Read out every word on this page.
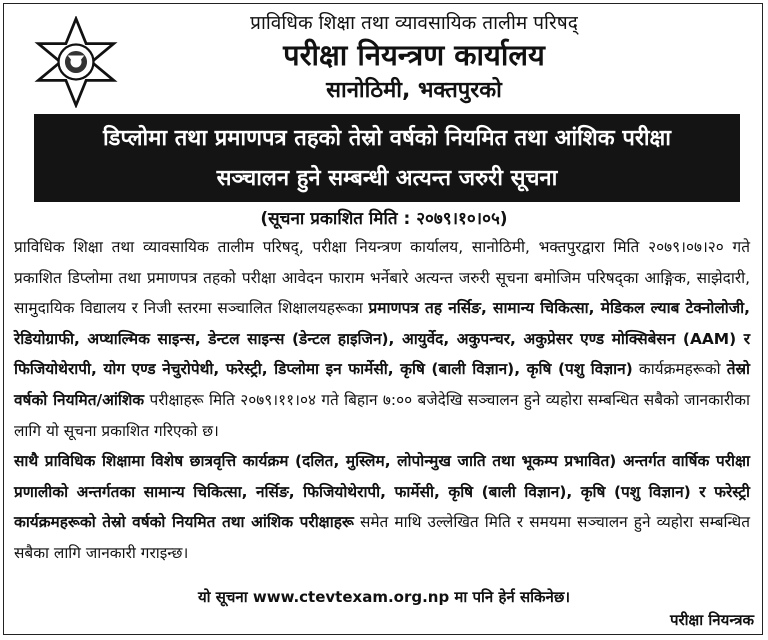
प्राविधिक शिक्षा तथा व्यावसायिक तालीम परिषद्
परीक्षा नियन्त्रण कार्यालय
सानोठिमी, भक्तपुरको
डिप्लोमा तथा प्रमाणपत्र तहको तेस्रो वर्षको नियमित तथा आंशिक परीक्षा
सञ्चालन हुने सम्बन्धी अत्यन्त जरुरी सूचना
(सूचना प्रकाशित मिति : २०७९।१०।०५)

प्राविधिक शिक्षा तथा व्यावसायिक तालीम परिषद्, परीक्षा नियन्त्रण कार्यालय, सानोठिमी, भक्तपुरद्वारा मिति २०७९।०७।२० गते प्रकाशित डिप्लोमा तथा प्रमाणपत्र तहको परीक्षा आवेदन फाराम भर्नेबारे अत्यन्त जरुरी सूचना बमोजिम परिषद्का आङ्गिक, साझेदारी, सामुदायिक विद्यालय र निजी स्तरमा सञ्चालित शिक्षालयहरूका प्रमाणपत्र तह नर्सिङ, सामान्य चिकित्सा, मेडिकल ल्याब टेक्नोलोजी, रेडियोग्राफी, अप्थाल्मिक साइन्स, डेन्टल साइन्स (डेन्टल हाइजिन), आयुर्वेद, अकुपन्चर, अकुप्रेसर एण्ड मोक्सिबेसन (AAM) र फिजियोथेरापी, योग एण्ड नेचुरोपेथी, फरेस्ट्री, डिप्लोमा इन फार्मेसी, कृषि (बाली विज्ञान), कृषि (पशु विज्ञान) कार्यक्रमहरूको तेस्रो वर्षको नियमित/आंशिक परीक्षाहरू मिति २०७९।११।०४ गते बिहान ७:०० बजेदेखि सञ्चालन हुने व्यहोरा सम्बन्धित सबैको जानकारीका लागि यो सूचना प्रकाशित गरिएको छ।

साथै प्राविधिक शिक्षामा विशेष छात्रवृत्ति कार्यक्रम (दलित, मुस्लिम, लोपोन्मुख जाति तथा भूकम्प प्रभावित) अन्तर्गत वार्षिक परीक्षा प्रणालीको अन्तर्गतका सामान्य चिकित्सा, नर्सिङ, फिजियोथेरापी, फार्मेसी, कृषि (बाली विज्ञान), कृषि (पशु विज्ञान) र फरेस्ट्री कार्यक्रमहरूको तेस्रो वर्षको नियमित तथा आंशिक परीक्षाहरू समेत माथि उल्लेखित मिति र समयमा सञ्चालन हुने व्यहोरा सम्बन्धित सबैका लागि जानकारी गराइन्छ।

यो सूचना www.ctevtexam.org.np मा पनि हेर्न सकिनेछ।
परीक्षा नियन्त्रक
